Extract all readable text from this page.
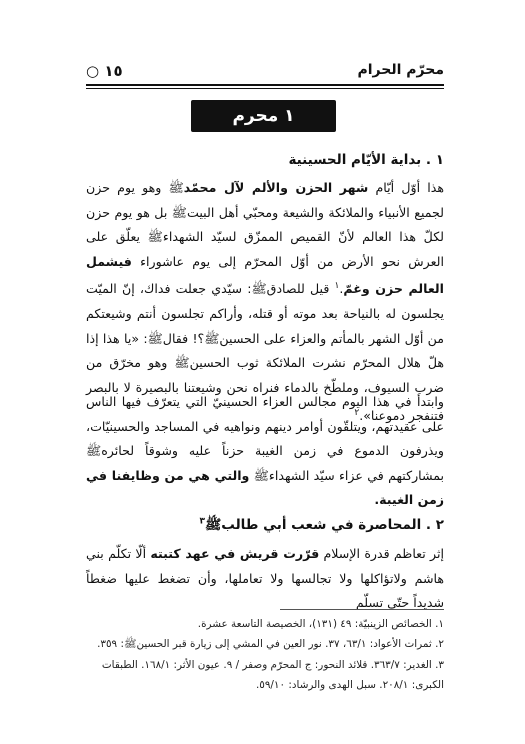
محرّم الحرام
١٥ ○
١ محرم
١ . بداية الأيّام الحسينية
هذا أوّل أيّام شهر الحزن والألم لآل محمّدﷺ وهو يوم حزن لجميع الأنبياء والملائكة والشيعة ومحبّي أهل البيتﷺ بل هو يوم حزن لكلّ هذا العالم لأنّ القميص الممزّق لسيّد الشهداءﷺ يعلّق على العرش نحو الأرض من أوّل المحرّم إلى يوم عاشوراء فيشمل العالم حزن وغمّ.$^١$ قيل للصادقﷺ: سيّدي جعلت فداك، إنّ الميّت يجلسون له بالنياحة بعد موته أو قتله، وأراكم تجلسون أنتم وشيعتكم من أوّل الشهر بالمأتم والعزاء على الحسينﷺ؟! فقالﷺ: «يا هذا إذا هلّ هلال المحرّم نشرت الملائكة ثوب الحسينﷺ وهو مخرّق من ضرب السيوف، وملطّخ بالدماء فنراه نحن وشيعتنا بالبصيرة لا بالبصر فتنفجر دموعنا».$^٢$
وابتدأ في هذا اليوم مجالس العزاء الحسينيّ التي يتعرّف فيها الناس على عقيدتهم، ويتلقّون أوامر دينهم ونواهيه في المساجد والحسينيّات، ويذرفون الدموع في زمن الغيبة حزناً عليه وشوقاً لحائرهﷺ بمشاركتهم في عزاء سيّد الشهداءﷺ والتي هي من وظايفنا في زمن الغيبة.
٢ . المحاصرة في شعب أبي طالبﷺ$^٣$
إثر تعاظم قدرة الإسلام قرّرت قريش في عهد كتبته ألّا تكلّم بني هاشم ولاتؤاكلها ولا تجالسها ولا تعاملها، وأن تضغط عليها ضغطاً شديداً حتّى تسلّم
١. الخصائص الزينبيّة: ٤٩ (١٣١)، الخصيصة التاسعة عشرة.
٢. ثمرات الأعواد: ٦٣/١، ٣٧. نور العين في المشي إلى زيارة قبر الحسينﷺ: ٣٥٩.
٣. الغدير: ٣٦٣/٧. قلائد النحور: ج المحرّم وصفر / ٩. عيون الأثر: ١٦٨/١. الطبقات الكبرى: ٢٠٨/١. سبل الهدى والرشاد: ٥٩/١٠.
